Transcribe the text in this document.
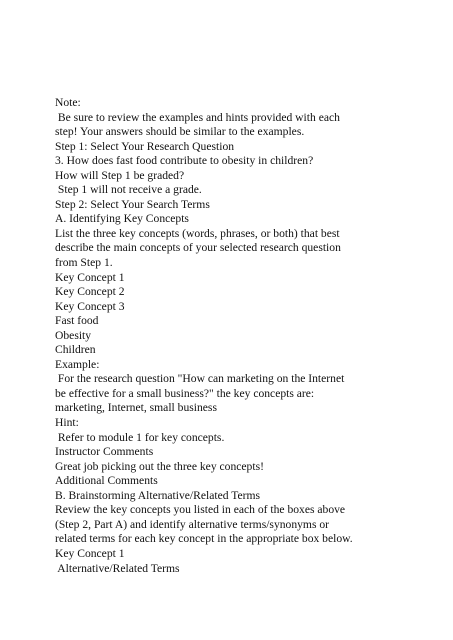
Note:
Be sure to review the examples and hints provided with each
step! Your answers should be similar to the examples.
Step 1: Select Your Research Question
3. How does fast food contribute to obesity in children?
How will Step 1 be graded?
Step 1 will not receive a grade.
Step 2: Select Your Search Terms
A. Identifying Key Concepts
List the three key concepts (words, phrases, or both) that best
describe the main concepts of your selected research question
from Step 1.
Key Concept 1
Key Concept 2
Key Concept 3
Fast food
Obesity
Children
Example:
For the research question "How can marketing on the Internet
be effective for a small business?" the key concepts are:
marketing, Internet, small business
Hint:
Refer to module 1 for key concepts.
Instructor Comments
Great job picking out the three key concepts!
Additional Comments
B. Brainstorming Alternative/Related Terms
Review the key concepts you listed in each of the boxes above
(Step 2, Part A) and identify alternative terms/synonyms or
related terms for each key concept in the appropriate box below.
Key Concept 1
Alternative/Related Terms
